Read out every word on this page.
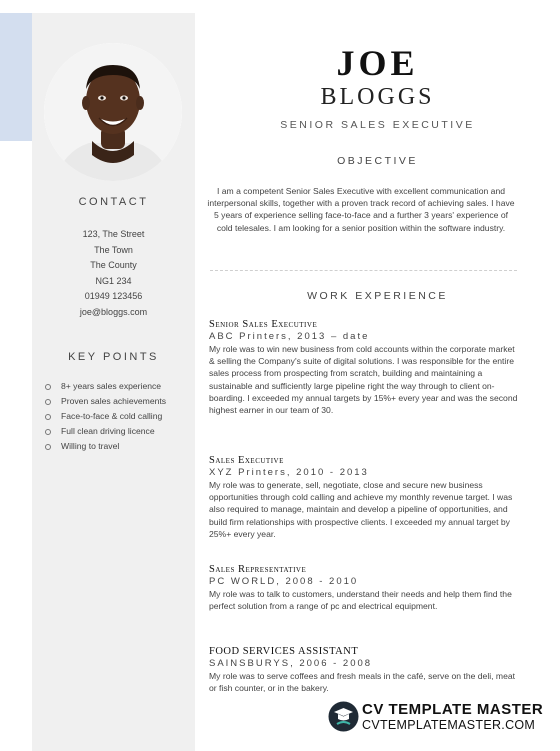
JOE
BLOGGS
SENIOR SALES EXECUTIVE
CONTACT
123, The Street
The Town
The County
NG1 234
01949 123456
joe@bloggs.com
KEY POINTS
8+ years sales experience
Proven sales achievements
Face-to-face & cold calling
Full clean driving licence
Willing to travel
OBJECTIVE
I am a competent Senior Sales Executive with excellent communication and interpersonal skills, together with a proven track record of achieving sales. I have 5 years of experience selling face-to-face and a further 3 years' experience of cold telesales. I am looking for a senior position within the software industry.
WORK EXPERIENCE
Senior Sales Executive
ABC Printers, 2013 – date
My role was to win new business from cold accounts within the corporate market & selling the Company's suite of digital solutions. I was responsible for the entire sales process from prospecting from scratch, building and maintaining a sustainable and sufficiently large pipeline right the way through to client on-boarding. I exceeded my annual targets by 15%+ every year and was the second highest earner in our team of 30.
Sales Executive
XYZ Printers, 2010 - 2013
My role was to generate, sell, negotiate, close and secure new business opportunities through cold calling and achieve my monthly revenue target. I was also required to manage, maintain and develop a pipeline of opportunities, and build firm relationships with prospective clients. I exceeded my annual target by 25%+ every year.
Sales Representative
PC WORLD, 2008 - 2010
My role was to talk to customers, understand their needs and help them find the perfect solution from a range of pc and electrical equipment.
FOOD SERVICES ASSISTANT
SAINSBURYS, 2006 - 2008
My role was to serve coffees and fresh meals in the café, serve on the deli, meat or fish counter, or in the bakery.
CV TEMPLATE MASTER
CVTEMPLATEMASTER.COM
